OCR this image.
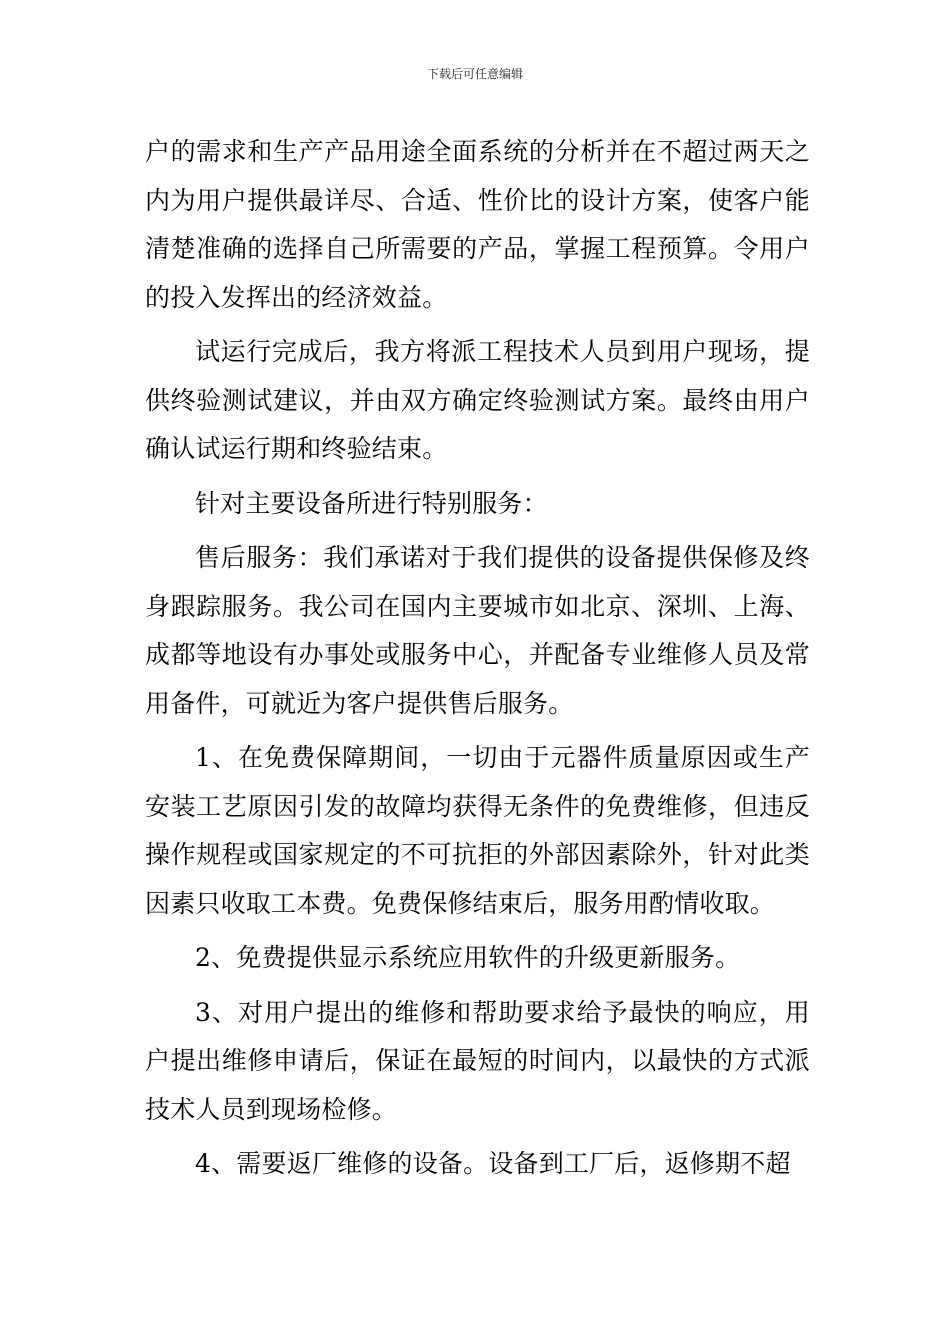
下载后可任意编辑

户的需求和生产产品用途全面系统的分析并在不超过两天之内为用户提供最详尽、合适、性价比的设计方案，使客户能清楚准确的选择自己所需要的产品，掌握工程预算。令用户的投入发挥出的经济效益。

试运行完成后，我方将派工程技术人员到用户现场，提供终验测试建议，并由双方确定终验测试方案。最终由用户确认试运行期和终验结束。

针对主要设备所进行特别服务：

售后服务：我们承诺对于我们提供的设备提供保修及终身跟踪服务。我公司在国内主要城市如北京、深圳、上海、成都等地设有办事处或服务中心，并配备专业维修人员及常用备件，可就近为客户提供售后服务。

1、在免费保障期间，一切由于元器件质量原因或生产安装工艺原因引发的故障均获得无条件的免费维修，但违反操作规程或国家规定的不可抗拒的外部因素除外，针对此类因素只收取工本费。免费保修结束后，服务用酌情收取。

2、免费提供显示系统应用软件的升级更新服务。

3、对用户提出的维修和帮助要求给予最快的响应，用户提出维修申请后，保证在最短的时间内，以最快的方式派技术人员到现场检修。

4、需要返厂维修的设备。设备到工厂后，返修期不超
